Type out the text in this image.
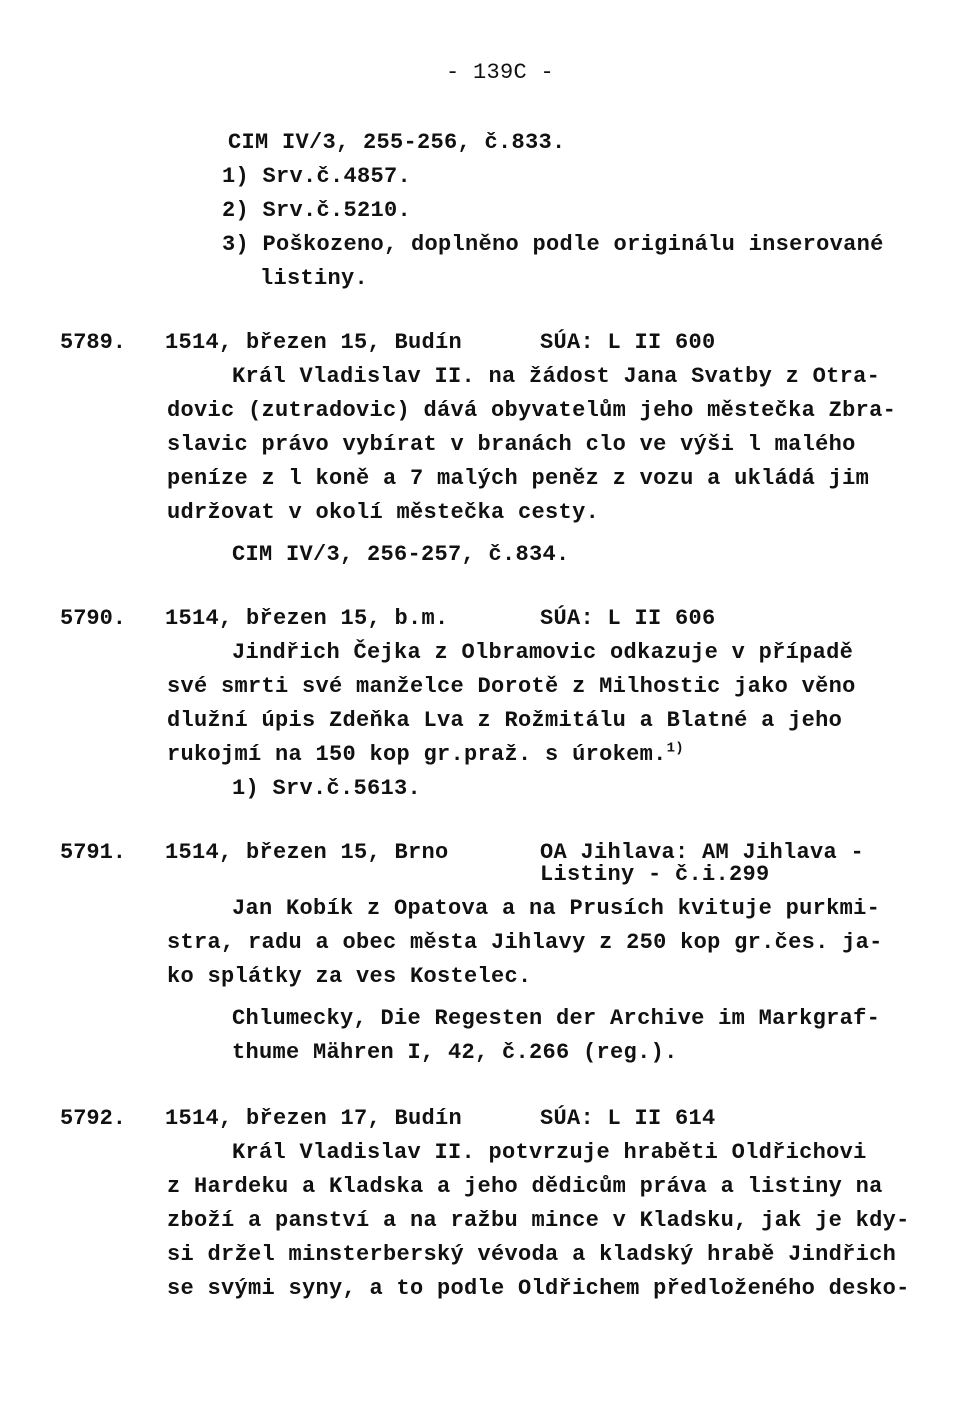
- 139C -
CIM IV/3, 255-256, č.833.
1) Srv.č.4857.
2) Srv.č.5210.
3) Poškozeno, doplněno podle originálu inserované
listiny.
5789. 1514, březen 15, Budín	SÚA: L II 600
Král Vladislav II. na žádost Jana Svatby z Otra-
dovic (zutradovic) dává obyvatelům jeho městečka Zbra-
slavic právo vybírat v branách clo ve výši l malého
peníze z l koně a 7 malých peněz z vozu a ukládá jim
udržovat v okolí městečka cesty.
CIM IV/3, 256-257, č.834.
5790. 1514, březen 15, b.m.	SÚA: L II 606
Jindřich Čejka z Olbramovic odkazuje v případě
své smrti své manželce Dorotě z Milhostic jako věno
dlužní úpis Zdeňka Lva z Rožmitálu a Blatné a jeho
rukojmí na 150 kop gr.praž. s úrokem.$^{1)}$
1) Srv.č.5613.
5791. 1514, březen 15, Brno	OA Jihlava: AM Jihlava -
Listiny - č.i.299
Jan Kobík z Opatova a na Prusích kvituje purkmi-
stra, radu a obec města Jihlavy z 250 kop gr.čes. ja-
ko splátky za ves Kostelec.
Chlumecky, Die Regesten der Archive im Markgraf-
thume Mähren I, 42, č.266 (reg.).
5792. 1514, březen 17, Budín	SÚA: L II 614
Král Vladislav II. potvrzuje hraběti Oldřichovi
z Hardeku a Kladska a jeho dědicům práva a listiny na
zboží a panství a na ražbu mince v Kladsku, jak je kdy-
si držel minsterberský vévoda a kladský hrabě Jindřich
se svými syny, a to podle Oldřichem předloženého desko-
